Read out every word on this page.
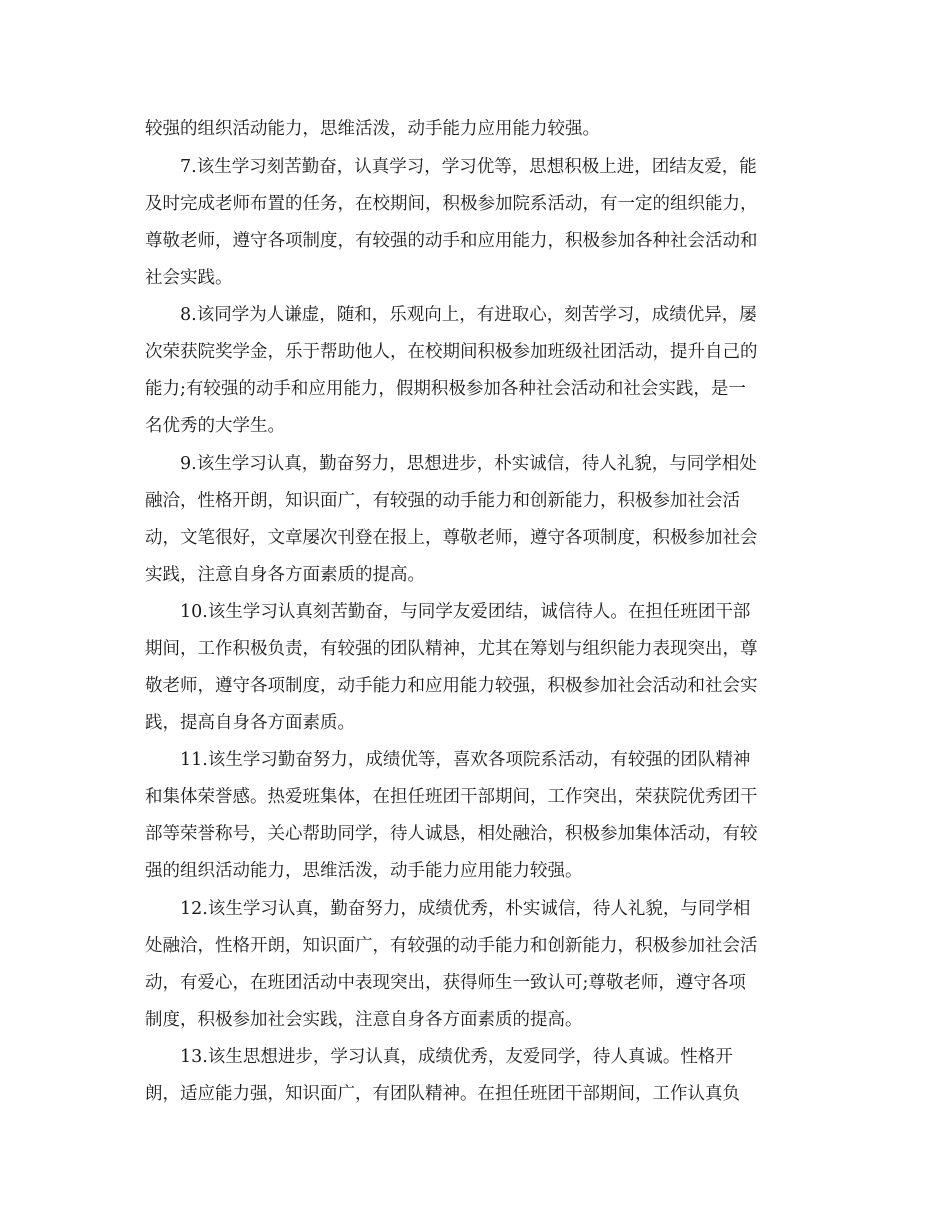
较强的组织活动能力，思维活泼，动手能力应用能力较强。

7.该生学习刻苦勤奋，认真学习，学习优等，思想积极上进，团结友爱，能

及时完成老师布置的任务，在校期间，积极参加院系活动，有一定的组织能力，

尊敬老师，遵守各项制度，有较强的动手和应用能力，积极参加各种社会活动和

社会实践。

8.该同学为人谦虚，随和，乐观向上，有进取心，刻苦学习，成绩优异，屡

次荣获院奖学金，乐于帮助他人，在校期间积极参加班级社团活动，提升自己的

能力;有较强的动手和应用能力，假期积极参加各种社会活动和社会实践，是一

名优秀的大学生。

9.该生学习认真，勤奋努力，思想进步，朴实诚信，待人礼貌，与同学相处

融洽，性格开朗，知识面广，有较强的动手能力和创新能力，积极参加社会活

动，文笔很好，文章屡次刊登在报上，尊敬老师，遵守各项制度，积极参加社会

实践，注意自身各方面素质的提高。

10.该生学习认真刻苦勤奋，与同学友爱团结，诚信待人。在担任班团干部

期间，工作积极负责，有较强的团队精神，尤其在筹划与组织能力表现突出，尊

敬老师，遵守各项制度，动手能力和应用能力较强，积极参加社会活动和社会实

践，提高自身各方面素质。

11.该生学习勤奋努力，成绩优等，喜欢各项院系活动，有较强的团队精神

和集体荣誉感。热爱班集体，在担任班团干部期间，工作突出，荣获院优秀团干

部等荣誉称号，关心帮助同学，待人诚恳，相处融洽，积极参加集体活动，有较

强的组织活动能力，思维活泼，动手能力应用能力较强。

12.该生学习认真，勤奋努力，成绩优秀，朴实诚信，待人礼貌，与同学相

处融洽，性格开朗，知识面广，有较强的动手能力和创新能力，积极参加社会活

动，有爱心，在班团活动中表现突出，获得师生一致认可;尊敬老师，遵守各项

制度，积极参加社会实践，注意自身各方面素质的提高。

13.该生思想进步，学习认真，成绩优秀，友爱同学，待人真诚。性格开

朗，适应能力强，知识面广，有团队精神。在担任班团干部期间，工作认真负
